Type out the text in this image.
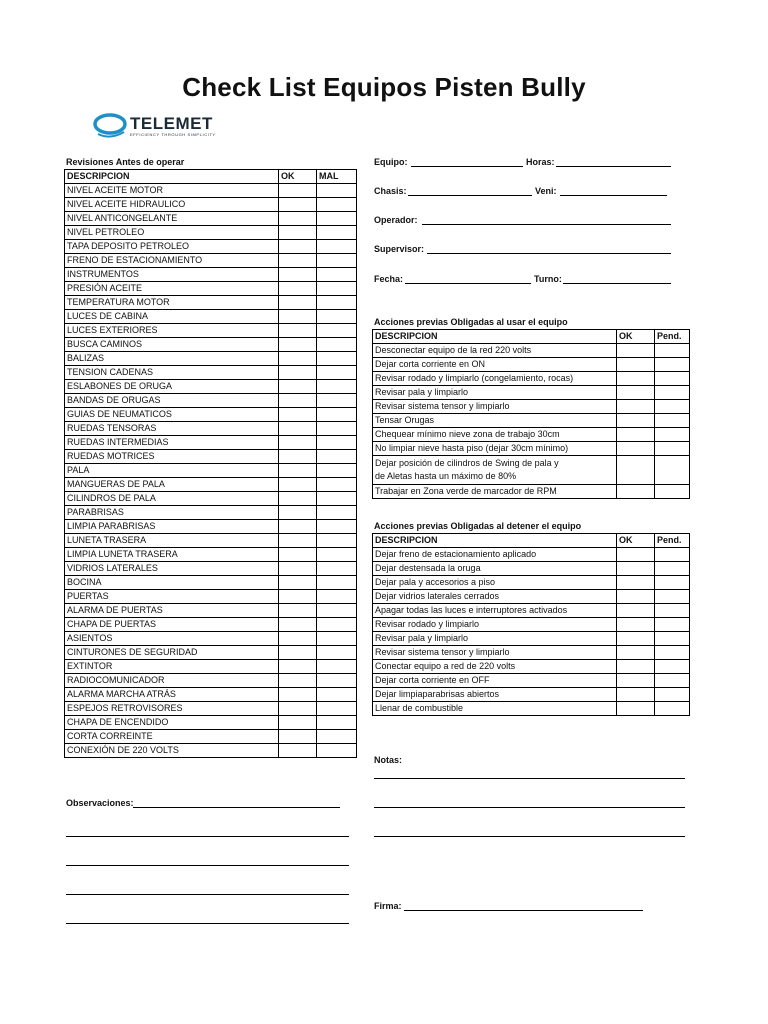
Check List Equipos Pisten Bully
TELEMET
EFFICIENCY THROUGH SIMPLICITY
Revisiones Antes de operar
DESCRIPCION	OK	MAL
NIVEL ACEITE MOTOR		
NIVEL ACEITE HIDRAULICO		
NIVEL ANTICONGELANTE		
NIVEL PETROLEO		
TAPA DEPOSITO PETROLEO		
FRENO DE ESTACIONAMIENTO		
INSTRUMENTOS		
PRESIÓN ACEITE		
TEMPERATURA MOTOR		
LUCES DE CABINA		
LUCES EXTERIORES		
BUSCA CAMINOS		
BALIZAS		
TENSION CADENAS		
ESLABONES DE ORUGA		
BANDAS DE ORUGAS		
GUIAS DE NEUMATICOS		
RUEDAS TENSORAS		
RUEDAS INTERMEDIAS		
RUEDAS MOTRICES		
PALA		
MANGUERAS DE PALA		
CILINDROS DE PALA		
PARABRISAS		
LIMPIA PARABRISAS		
LUNETA TRASERA		
LIMPIA LUNETA TRASERA		
VIDRIOS LATERALES		
BOCINA		
PUERTAS		
ALARMA DE PUERTAS		
CHAPA DE PUERTAS		
ASIENTOS		
CINTURONES DE SEGURIDAD		
EXTINTOR		
RADIOCOMUNICADOR		
ALARMA MARCHA ATRÁS		
ESPEJOS RETROVISORES		
CHAPA DE ENCENDIDO		
CORTA CORREINTE		
CONEXIÓN DE 220 VOLTS		
Equipo:	Horas:
Chasis:	Veni:
Operador:
Supervisor:
Fecha:	Turno:
Acciones previas Obligadas al usar el equipo
DESCRIPCION	OK	Pend.
Desconectar equipo de la red 220 volts		
Dejar corta corriente en ON		
Revisar rodado y limpiarlo (congelamiento, rocas)		
Revisar pala y limpiarlo		
Revisar sistema tensor y limpiarlo		
Tensar Orugas		
Chequear mínimo nieve zona de trabajo 30cm		
No limpiar nieve hasta piso (dejar 30cm mínimo)		

Dejar posición de cilindros de Swing de pala y
de Aletas hasta un máximo de 80%		

Trabajar en Zona verde de marcador de RPM		
Acciones previas Obligadas al detener el equipo
DESCRIPCION	OK	Pend.
Dejar freno de estacionamiento aplicado		
Dejar destensada la oruga		
Dejar pala y accesorios a piso		
Dejar vidrios laterales cerrados		
Apagar todas las luces e interruptores activados		
Revisar rodado y limpiarlo		
Revisar pala y limpiarlo		
Revisar sistema tensor y limpiarlo		
Conectar equipo a red de 220 volts		
Dejar corta corriente en OFF		
Dejar limpiaparabrisas abiertos		
Llenar de combustible		
Observaciones:
Notas:
Firma:
